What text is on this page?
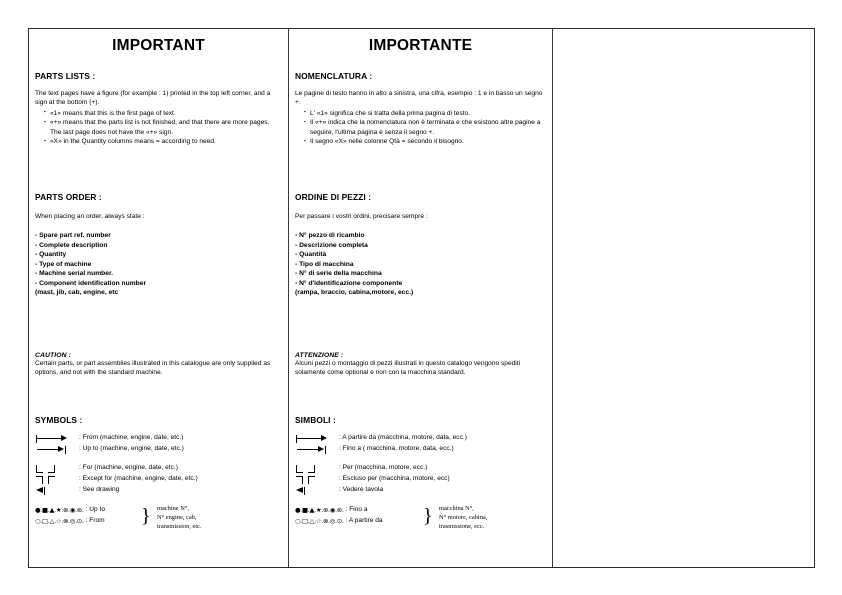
IMPORTANT
PARTS LISTS :
The text pages have a figure (for example : 1) printed in the top left corner, and a sign at the bottom (+).
▪ «1» means that this is the first page of text.
▪ «+» means that the parts list is not finished, and that there are more pages. The last page does not have the «+» sign.
▪ «X» in the Quantity columns means = according to need.
PARTS ORDER :
When placing an order, always state :
- Spare part ref. number
- Complete description
- Quantity
- Type of machine
- Machine serial number.
- Component identification number
(mast, jib, cab, engine, etc
CAUTION :
Certain parts, or part assemblies illustrated in this catalogue are only supplied as options, and not with the standard machine.
SYMBOLS :
: From (machine, engine, date, etc.)
: Up to (machine, engine, date, etc.)
: For (machine, engine, date, etc.)
: Except for (machine, engine, date, etc.)
: See drawing
●.■.▲.★.⊛.◉.⊚. : Up to
○.□.△.☆.⊗.◎.⊙. : From } machine N°,
N° engine, cab,
transmission, etc.
IMPORTANTE
NOMENCLATURA :
Le pagine di testo hanno in alto a sinistra, una cifra, esempio : 1 e in basso un segno +.
▪ L' «1» significa che si tratta della prima pagina di testo.
▪ Il «+» indica che la nomenclatura non è terminata e che esistono altre pagine a seguire, l'ultima pagina è senza il segno +.
▪ Il segno «X» nelle colonne Qtà = secondo il bisogno.
ORDINE DI PEZZI :
Per passare i vostri ordini, precisare sempre :
- N° pezzo di ricambio
- Descrizione completa
- Quantità
- Tipo di macchina
- N° di serie della macchina
- N° d'identificazione componente
(rampa, braccio, cabina,motore, ecc.)
ATTENZIONE :
Alcuni pezzi o montaggio di pezzi illustrati in questo catalogo vengono spediti solamente come optional e non con la macchina standard.
SIMBOLI :
: A partire da (macchina, motore, data, ecc.)
: Fino a ( macchina, motore, data, ecc.)
: Per (macchina, motore, ecc.)
: Escluso per (macchina, motore, ecc)
: Vedere tavola
●.■.▲.★.⊛.◉.⊚. : Fino a
○.□.△.☆.⊗.◎.⊙. : A partire da } macchina N°,
N° motore, cabina,
trasmissione, ecc.
